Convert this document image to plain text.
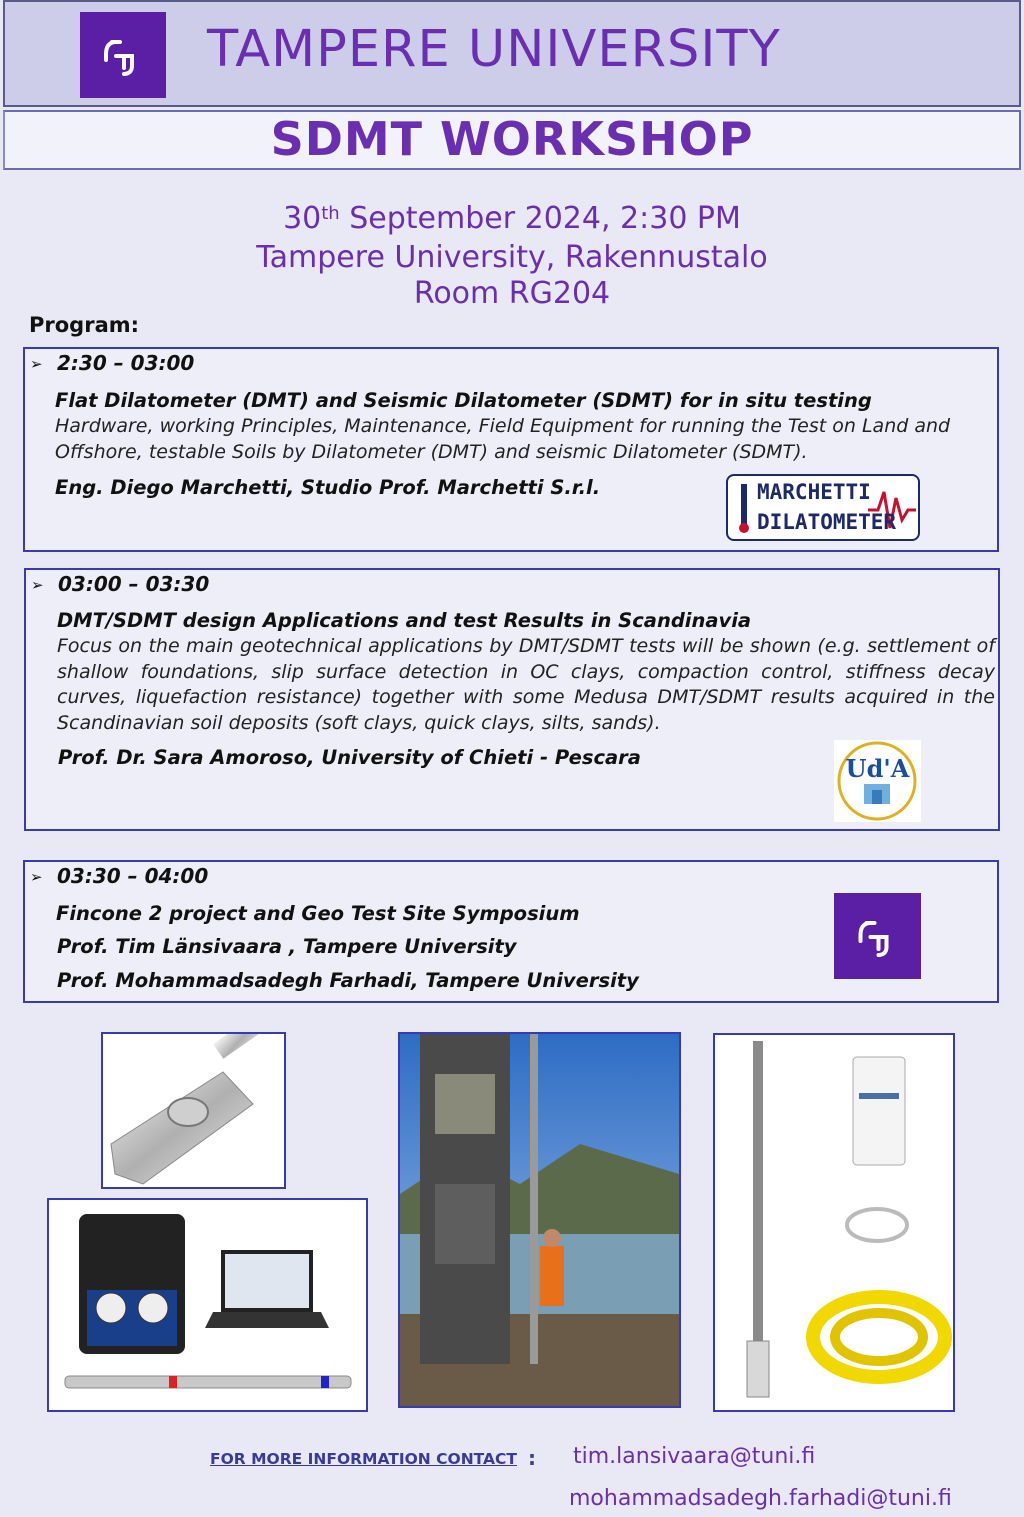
TAMPERE UNIVERSITY
SDMT WORKSHOP
30th September 2024, 2:30 PM
Tampere University, Rakennustalo
Room RG204
Program:
➢ 2:30 – 03:00
Flat Dilatometer (DMT) and Seismic Dilatometer (SDMT) for in situ testing
Hardware, working Principles, Maintenance, Field Equipment for running the Test on Land and Offshore, testable Soils by Dilatometer (DMT) and seismic Dilatometer (SDMT).
Eng. Diego Marchetti, Studio Prof. Marchetti S.r.l.	MARCHETTI
DILATOMETER
➢ 03:00 – 03:30
DMT/SDMT design Applications and test Results in Scandinavia
Focus on the main geotechnical applications by DMT/SDMT tests will be shown (e.g. settlement of shallow foundations, slip surface detection in OC clays, compaction control, stiffness decay curves, liquefaction resistance) together with some Medusa DMT/SDMT results acquired in the Scandinavian soil deposits (soft clays, quick clays, silts, sands).
Prof. Dr. Sara Amoroso, University of Chieti - Pescara	Ud'A
➢ 03:30 – 04:00
Fincone 2 project and Geo Test Site Symposium
Prof. Tim Länsivaara , Tampere University
Prof. Mohammadsadegh Farhadi, Tampere University
FOR MORE INFORMATION CONTACT : tim.lansivaara@tuni.fi
mohammadsadegh.farhadi@tuni.fi
